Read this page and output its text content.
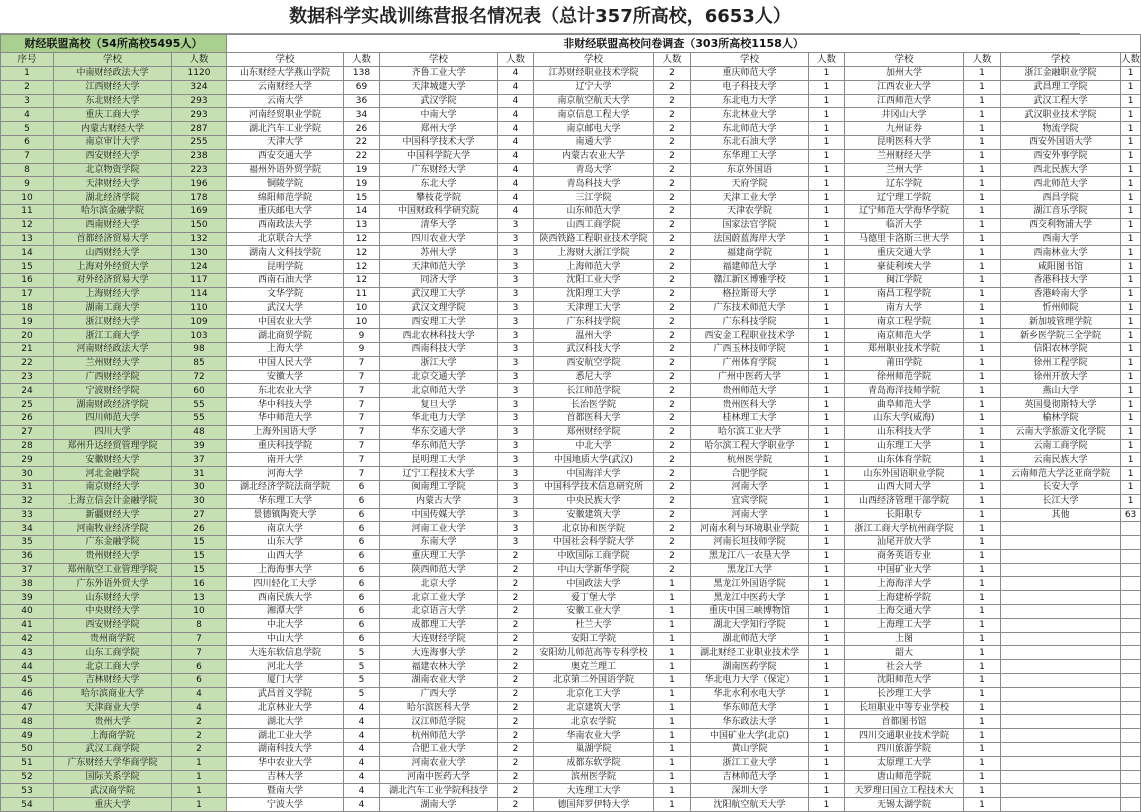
数据科学实战训练营报名情况表（总计357所高校，6653人）
财经联盟高校（54所高校5495人）			非财经联盟高校问卷调查（303所高校1158人）											
序号	学校	人数	学校	人数	学校	人数	学校	人数	学校	人数	学校	人数	学校	人数
1	中南财经政法大学	1120	山东财经大学燕山学院	138	齐鲁工业大学	4	江苏财经职业技术学院	2	重庆师范大学	1	加州大学	1	浙江金融职业学院	1
2	江西财经大学	324	云南财经大学	69	天津城建大学	4	辽宁大学	2	电子科技大学	1	江西农业大学	1	武昌理工学院	1
3	东北财经大学	293	云南大学	36	武汉学院	4	南京航空航天大学	2	东北电力大学	1	江西师范大学	1	武汉工程大学	1
4	重庆工商大学	293	河南经贸职业学院	34	中南大学	4	南京信息工程大学	2	东北林业大学	1	井冈山大学	1	武汉职业技术学院	1
5	内蒙古财经大学	287	湖北汽车工业学院	26	郑州大学	4	南京邮电大学	2	东北师范大学	1	九州证券	1	物流学院	1
6	南京审计大学	255	天津大学	22	中国科学技术大学	4	南通大学	2	东北石油大学	1	昆明医科大学	1	西安外国语大学	1
7	西安财经大学	238	西安交通大学	22	中国科学院大学	4	内蒙古农业大学	2	东华理工大学	1	兰州财经大学	1	西安外事学院	1
8	北京物资学院	223	福州外语外贸学院	19	广东财经大学	4	青岛大学	2	东京外国语	1	兰州大学	1	西北民族大学	1
9	天津财经大学	196	铜陵学院	19	东北大学	4	青岛科技大学	2	天府学院	1	辽东学院	1	西北师范大学	1
10	湖北经济学院	178	绵阳师范学院	15	攀枝花学院	4	三江学院	2	天津工业大学	1	辽宁理工学院	1	西昌学院	1
11	哈尔滨金融学院	169	重庆邮电大学	14	中国财政科学研究院	4	山东师范大学	2	天津农学院	1	辽宁师范大学海华学院	1	湖江音乐学院	1
12	西南财经大学	150	西南政法大学	13	清华大学	3	山西工商学院	2	国家法官学院	1	临沂大学	1	西交利物浦大学	1
13	首都经济贸易大学	132	北京联合大学	12	四川农业大学	3	陕西铁路工程职业技术学院	2	法国蔚蓝海岸大学	1	马德里卡洛斯三世大学	1	西南大学	1
14	山西财经大学	130	湖南人文科技学院	12	苏州大学	3	上海财大浙江学院	2	福建商学院	1	重庆交通大学	1	西南林业大学	1
15	上海对外经贸大学	124	昆明学院	12	天津师范大学	3	上海师范大学	2	福建师范大学	1	豪徒利埃大学	1	咸阳图书馆	1
16	对外经济贸易大学	117	西南石油大学	12	同济大学	3	沈阳工业大学	2	赣江新区博雅学校	1	闽江学院	1	香港科技大学	1
17	上海财经大学	114	文华学院	11	武汉理工大学	3	沈阳理工大学	2	格拉斯哥大学	1	南昌工程学院	1	香港岭南大学	1
18	湖南工商大学	110	武汉大学	10	武汉文理学院	3	天津理工大学	2	广东技术师范大学	1	南方大学	1	忻州师院	1
19	浙江财经大学	109	中国农业大学	10	西安理工大学	3	广东科技学院	2	广东科技学院	1	南京工程学院	1	新加坡管理学院	1
20	浙江工商大学	103	湖北商贸学院	9	西北农林科技大学	3	温州大学	2	西安金工程职业技术学	1	南京师范大学	1	新乡医学院三全学院	1
21	河南财经政法大学	98	上海大学	9	西南科技大学	3	武汉科技大学	2	广西玉林技师学院	1	郑州职业技术学院	1	信阳农林学院	1
22	兰州财经大学	85	中国人民大学	7	浙江大学	3	西安航空学院	2	广州体育学院	1	莆田学院	1	徐州工程学院	1
23	广西财经学院	72	安徽大学	7	北京交通大学	3	悉尼大学	2	广州中医药大学	1	徐州师范学院	1	徐州开放大学	1
24	宁波财经学院	60	东北农业大学	7	北京师范大学	3	长江师范学院	2	贵州师范大学	1	青岛海洋技师学院	1	燕山大学	1
25	湖南财政经济学院	55	华中科技大学	7	复旦大学	3	长治医学院	2	贵州医科大学	1	曲阜师范大学	1	英国曼彻斯特大学	1
26	四川师范大学	55	华中师范大学	7	华北电力大学	3	首都医科大学	2	桂林理工大学	1	山东大学(威海)	1	榆林学院	1
27	四川大学	48	上海外国语大学	7	华东交通大学	3	郑州财经学院	2	哈尔滨工业大学	1	山东科技大学	1	云南大学旅游文化学院	1
28	郑州升达经贸管理学院	39	重庆科技学院	7	华东师范大学	3	中北大学	2	哈尔滨工程大学职业学	1	山东理工大学	1	云南工商学院	1
29	安徽财经大学	37	南开大学	7	昆明理工大学	3	中国地质大学(武汉)	2	杭州医学院	1	山东体育学院	1	云南民族大学	1
30	河北金融学院	31	河海大学	7	辽宁工程技术大学	3	中国海洋大学	2	合肥学院	1	山东外国语职业学院	1	云南师范大学泛亚商学院	1
31	南京财经大学	30	湖北经济学院法商学院	6	闽南理工学院	3	中国科学技术信息研究所	2	河南大学	1	山西大同大学	1	长安大学	1
32	上海立信会计金融学院	30	华东理工大学	6	内蒙古大学	3	中央民族大学	2	宜宾学院	1	山西经济管理干部学院	1	长江大学	1
33	新疆财经大学	27	景德镇陶瓷大学	6	中国传媒大学	3	安徽建筑大学	2	河南大学	1	长阳职专	1	其他	63
34	河南牧业经济学院	26	南京大学	6	河南工业大学	3	北京协和医学院	2	河南水利与环境职业学院	1	浙江工商大学杭州商学院	1		
35	广东金融学院	15	山东大学	6	东南大学	3	中国社会科学院大学	2	河南长垣技师学院	1	汕尾开放大学	1		
36	贵州财经大学	15	山西大学	6	重庆理工大学	2	中欧国际工商学院	2	黑龙江八一农垦大学	1	商务英语专业	1		
37	郑州航空工业管理学院	15	上海海事大学	6	陕西师范大学	2	中山大学新华学院	2	黑龙江大学	1	中国矿业大学	1		
38	广东外语外贸大学	16	四川轻化工大学	6	北京大学	2	中国政法大学	1	黑龙江外国语学院	1	上海海洋大学	1		
39	山东财经大学	13	西南民族大学	6	北京工业大学	2	爱丁堡大学	1	黑龙江中医药大学	1	上海建桥学院	1		
40	中央财经大学	10	湘潭大学	6	北京语言大学	2	安徽工业大学	1	重庆中国三峡博物馆	1	上海交通大学	1		
41	西安财经学院	8	中北大学	6	成都理工大学	2	杜兰大学	1	湖北大学知行学院	1	上海理工大学	1		
42	贵州商学院	7	中山大学	6	大连财经学院	2	安阳工学院	1	湖北师范大学	1	上图	1		
43	山东工商学院	7	大连东软信息学院	5	大连海事大学	2	安阳幼儿师范高等专科学校	1	湖北财经工业职业技术学	1	韶大	1		
44	北京工商大学	6	河北大学	5	福建农林大学	2	奥克兰理工	1	湖南医药学院	1	社会大学	1		
45	吉林财经大学	6	厦门大学	5	湖南农业大学	2	北京第二外国语学院	1	华北电力大学（保定）	1	沈阳师范大学	1		
46	哈尔滨商业大学	4	武昌首义学院	5	广西大学	2	北京化工大学	1	华北水利水电大学	1	长沙理工大学	1		
47	天津商业大学	4	北京林业大学	4	哈尔滨医科大学	2	北京建筑大学	1	华东师范大学	1	长垣职业中等专业学校	1		
48	贵州大学	2	湖北大学	4	汉江师范学院	2	北京农学院	1	华东政法大学	1	首都图书馆	1		
49	上海商学院	2	湖北工业大学	4	杭州师范大学	2	华南农业大学	1	中国矿业大学(北京)	1	四川交通职业技术学院	1		
50	武汉工商学院	2	湖南科技大学	4	合肥工业大学	2	巢湖学院	1	黄山学院	1	四川旅游学院	1		
51	广东财经大学华商学院	1	华中农业大学	4	河南农业大学	2	成都东软学院	1	浙江工业大学	1	太原理工大学	1		
52	国际关系学院	1	吉林大学	4	河南中医药大学	2	滨州医学院	1	吉林师范大学	1	唐山师范学院	1		
53	武汉商学院	1	暨南大学	4	湖北汽车工业学院科技学	2	大连理工大学	1	深圳大学	1	天罗理日国立工程技术大	1		
54	重庆大学	1	宁波大学	4	湖南大学	2	德国拜罗伊特大学	1	沈阳航空航天大学	1	无锡太湖学院	1		
